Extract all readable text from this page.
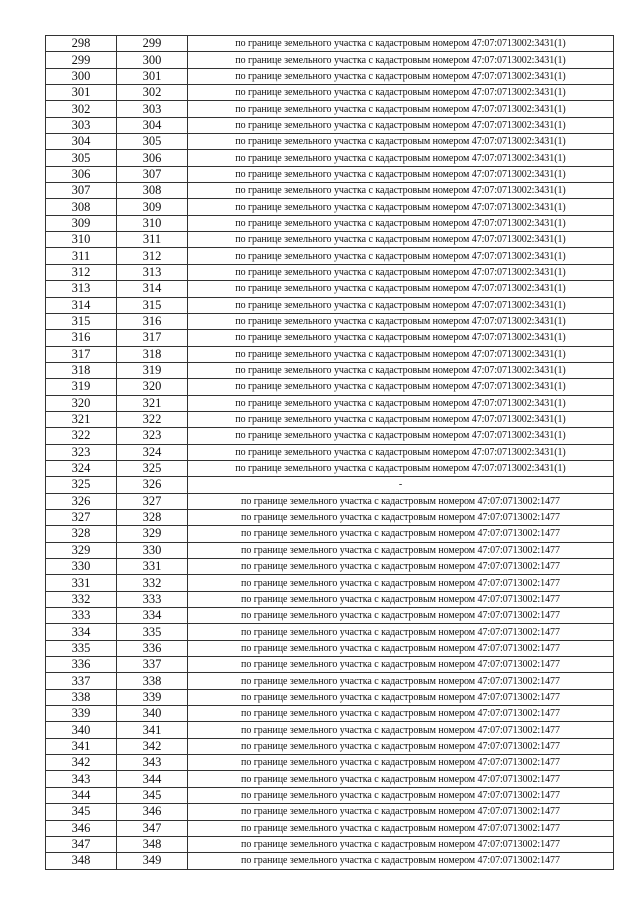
298	299	по границе земельного участка с кадастровым номером 47:07:0713002:3431(1)
299	300	по границе земельного участка с кадастровым номером 47:07:0713002:3431(1)
300	301	по границе земельного участка с кадастровым номером 47:07:0713002:3431(1)
301	302	по границе земельного участка с кадастровым номером 47:07:0713002:3431(1)
302	303	по границе земельного участка с кадастровым номером 47:07:0713002:3431(1)
303	304	по границе земельного участка с кадастровым номером 47:07:0713002:3431(1)
304	305	по границе земельного участка с кадастровым номером 47:07:0713002:3431(1)
305	306	по границе земельного участка с кадастровым номером 47:07:0713002:3431(1)
306	307	по границе земельного участка с кадастровым номером 47:07:0713002:3431(1)
307	308	по границе земельного участка с кадастровым номером 47:07:0713002:3431(1)
308	309	по границе земельного участка с кадастровым номером 47:07:0713002:3431(1)
309	310	по границе земельного участка с кадастровым номером 47:07:0713002:3431(1)
310	311	по границе земельного участка с кадастровым номером 47:07:0713002:3431(1)
311	312	по границе земельного участка с кадастровым номером 47:07:0713002:3431(1)
312	313	по границе земельного участка с кадастровым номером 47:07:0713002:3431(1)
313	314	по границе земельного участка с кадастровым номером 47:07:0713002:3431(1)
314	315	по границе земельного участка с кадастровым номером 47:07:0713002:3431(1)
315	316	по границе земельного участка с кадастровым номером 47:07:0713002:3431(1)
316	317	по границе земельного участка с кадастровым номером 47:07:0713002:3431(1)
317	318	по границе земельного участка с кадастровым номером 47:07:0713002:3431(1)
318	319	по границе земельного участка с кадастровым номером 47:07:0713002:3431(1)
319	320	по границе земельного участка с кадастровым номером 47:07:0713002:3431(1)
320	321	по границе земельного участка с кадастровым номером 47:07:0713002:3431(1)
321	322	по границе земельного участка с кадастровым номером 47:07:0713002:3431(1)
322	323	по границе земельного участка с кадастровым номером 47:07:0713002:3431(1)
323	324	по границе земельного участка с кадастровым номером 47:07:0713002:3431(1)
324	325	по границе земельного участка с кадастровым номером 47:07:0713002:3431(1)
325	326	-
326	327	по границе земельного участка с кадастровым номером 47:07:0713002:1477
327	328	по границе земельного участка с кадастровым номером 47:07:0713002:1477
328	329	по границе земельного участка с кадастровым номером 47:07:0713002:1477
329	330	по границе земельного участка с кадастровым номером 47:07:0713002:1477
330	331	по границе земельного участка с кадастровым номером 47:07:0713002:1477
331	332	по границе земельного участка с кадастровым номером 47:07:0713002:1477
332	333	по границе земельного участка с кадастровым номером 47:07:0713002:1477
333	334	по границе земельного участка с кадастровым номером 47:07:0713002:1477
334	335	по границе земельного участка с кадастровым номером 47:07:0713002:1477
335	336	по границе земельного участка с кадастровым номером 47:07:0713002:1477
336	337	по границе земельного участка с кадастровым номером 47:07:0713002:1477
337	338	по границе земельного участка с кадастровым номером 47:07:0713002:1477
338	339	по границе земельного участка с кадастровым номером 47:07:0713002:1477
339	340	по границе земельного участка с кадастровым номером 47:07:0713002:1477
340	341	по границе земельного участка с кадастровым номером 47:07:0713002:1477
341	342	по границе земельного участка с кадастровым номером 47:07:0713002:1477
342	343	по границе земельного участка с кадастровым номером 47:07:0713002:1477
343	344	по границе земельного участка с кадастровым номером 47:07:0713002:1477
344	345	по границе земельного участка с кадастровым номером 47:07:0713002:1477
345	346	по границе земельного участка с кадастровым номером 47:07:0713002:1477
346	347	по границе земельного участка с кадастровым номером 47:07:0713002:1477
347	348	по границе земельного участка с кадастровым номером 47:07:0713002:1477
348	349	по границе земельного участка с кадастровым номером 47:07:0713002:1477
